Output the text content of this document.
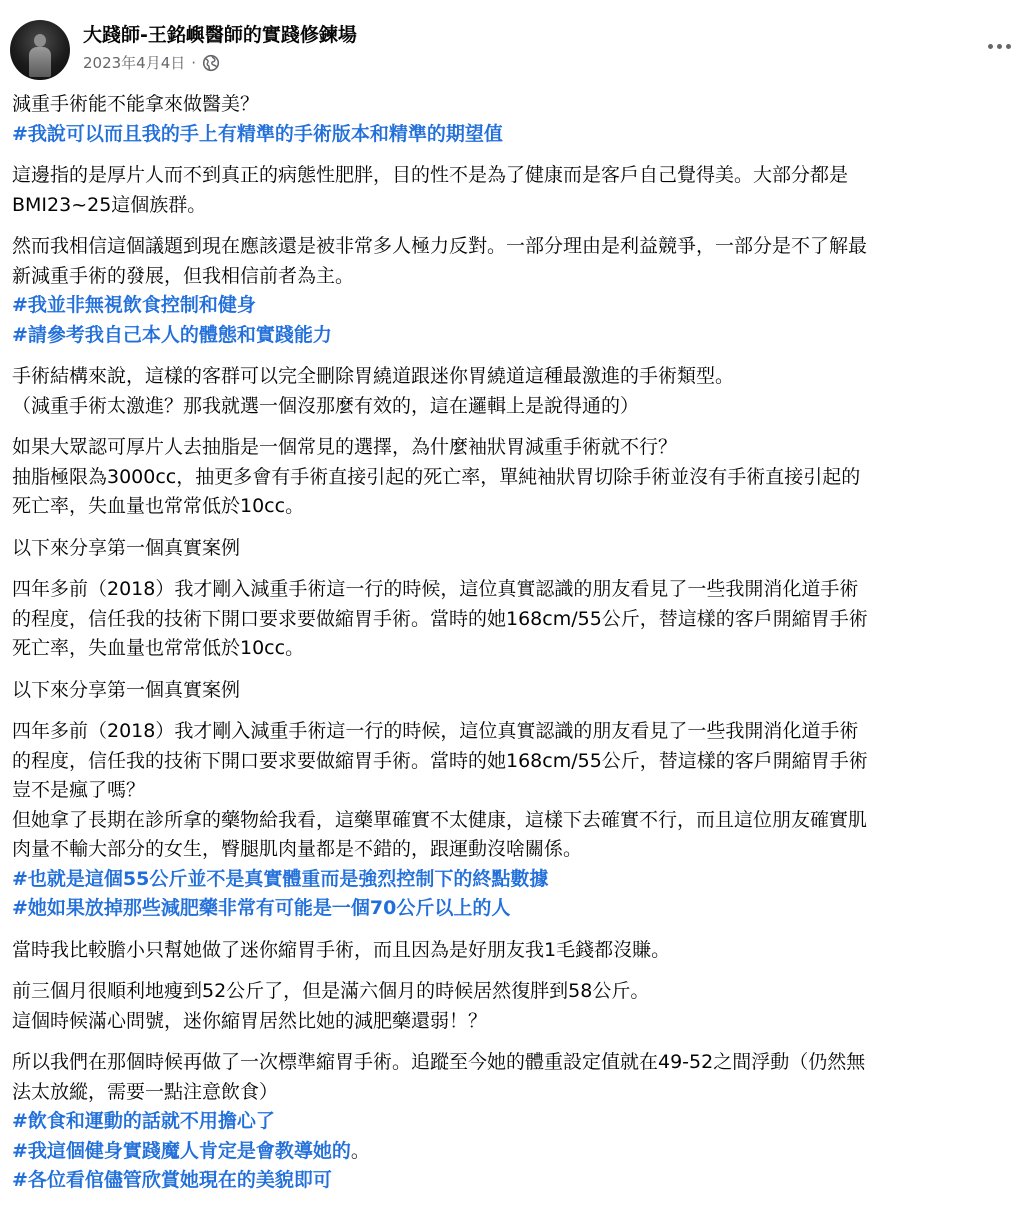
大踐師-王銘嶼醫師的實踐修鍊場
2023年4月4日 ·
減重手術能不能拿來做醫美？
#我說可以而且我的手上有精準的手術版本和精準的期望值
這邊指的是厚片人而不到真正的病態性肥胖，目的性不是為了健康而是客戶自己覺得美。大部分都是
BMI23~25這個族群。
然而我相信這個議題到現在應該還是被非常多人極力反對。一部分理由是利益競爭，一部分是不了解最
新減重手術的發展，但我相信前者為主。
#我並非無視飲食控制和健身
#請參考我自己本人的體態和實踐能力
手術結構來說，這樣的客群可以完全刪除胃繞道跟迷你胃繞道這種最激進的手術類型。
（減重手術太激進？那我就選一個沒那麼有效的，這在邏輯上是說得通的）
如果大眾認可厚片人去抽脂是一個常見的選擇，為什麼袖狀胃減重手術就不行？
抽脂極限為3000cc，抽更多會有手術直接引起的死亡率，單純袖狀胃切除手術並沒有手術直接引起的
死亡率，失血量也常常低於10cc。
以下來分享第一個真實案例
四年多前（2018）我才剛入減重手術這一行的時候，這位真實認識的朋友看見了一些我開消化道手術
的程度，信任我的技術下開口要求要做縮胃手術。當時的她168cm/55公斤，替這樣的客戶開縮胃手術
死亡率，失血量也常常低於10cc。
以下來分享第一個真實案例
四年多前（2018）我才剛入減重手術這一行的時候，這位真實認識的朋友看見了一些我開消化道手術
的程度，信任我的技術下開口要求要做縮胃手術。當時的她168cm/55公斤，替這樣的客戶開縮胃手術
豈不是瘋了嗎？
但她拿了長期在診所拿的藥物給我看，這藥單確實不太健康，這樣下去確實不行，而且這位朋友確實肌
肉量不輸大部分的女生，臀腿肌肉量都是不錯的，跟運動沒啥關係。
#也就是這個55公斤並不是真實體重而是強烈控制下的終點數據
#她如果放掉那些減肥藥非常有可能是一個70公斤以上的人
當時我比較膽小只幫她做了迷你縮胃手術，而且因為是好朋友我1毛錢都沒賺。
前三個月很順利地瘦到52公斤了，但是滿六個月的時候居然復胖到58公斤。
這個時候滿心問號，迷你縮胃居然比她的減肥藥還弱！？
所以我們在那個時候再做了一次標準縮胃手術。追蹤至今她的體重設定值就在49-52之間浮動（仍然無
法太放縱，需要一點注意飲食）
#飲食和運動的話就不用擔心了
#我這個健身實踐魔人肯定是會教導她的。
#各位看倌儘管欣賞她現在的美貌即可
